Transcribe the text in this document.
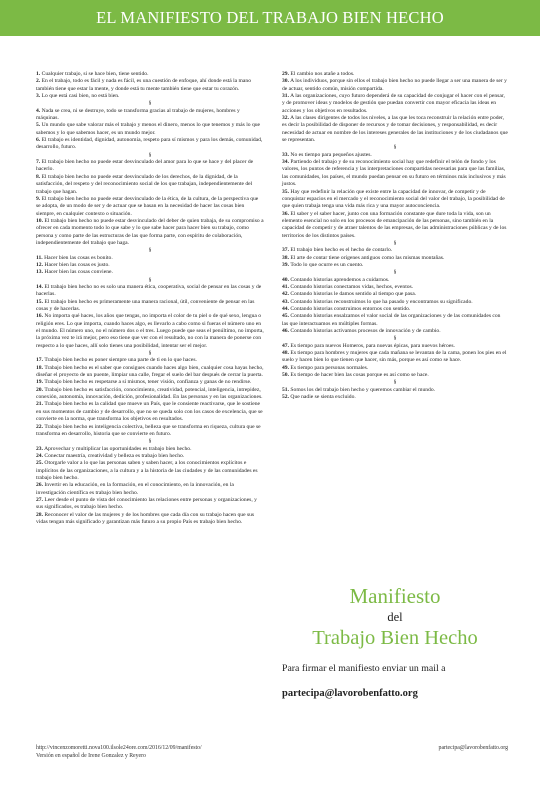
EL MANIFIESTO DEL TRABAJO BIEN HECHO

1. Cualquier trabajo, si se hace bien, tiene sentido.

2. En el trabajo, todo es fácil y nada es fácil, es una cuestión de enfoque, ahí donde está la mano también tiene que estar la mente, y donde está tu mente también tiene que estar tu corazón.

3. Lo que está casi bien, no está bien.

§

4. Nada se crea, ni se destruye, todo se transforma gracias al trabajo de mujeres, hombres y máquinas.

5. Un mundo que sabe valorar más el trabajo y menos el dinero, menos lo que tenemos y más lo que sabemos y lo que sabemos hacer, es un mundo mejor.

6. El trabajo es identidad, dignidad, autonomía, respeto para sí mismos y para los demás, comunidad, desarrollo, futuro.

§

7. El trabajo bien hecho no puede estar desvinculado del amor para lo que se hace y del placer de hacerlo.

8. El trabajo bien hecho no puede estar desvinculado de los derechos, de la dignidad, de la satisfacción, del respeto y del reconocimiento social de los que trabajan, independientemente del trabajo que hagan.

9. El trabajo bien hecho no puede estar desvinculado de la ética, de la cultura, de la perspectiva que se adopta, de un modo de ser y de actuar que se basan en la necesidad de hacer las cosas bien siempre, en cualquier contexto o situación.

10. El trabajo bien hecho no puede estar desvinculado del deber de quien trabaja, de su compromiso a ofrecer en cada momento todo lo que sabe y lo que sabe hacer para hacer bien su trabajo, como persona y como parte de las estructuras de las que forma parte, con espíritu de colaboración, independientemente del trabajo que haga.

§

11. Hacer bien las cosas es bonito.

12. Hacer bien las cosas es justo.

13. Hacer bien las cosas conviene.

§

14. El trabajo bien hecho no es solo una manera ética, cooperativa, social de pensar en las cosas y de hacerlas.

15. El trabajo bien hecho es primeramente una manera racional, útil, conveniente de pensar en las cosas y de hacerlas.

16. No importa qué haces, los años que tengas, no importa el color de tu piel o de qué sexo, lengua o religión eres. Lo que importa, cuando haces algo, es llevarlo a cabo como si fueras el número uno en el mundo. El número uno, no el número dos o el tres. Luego puede que seas el penúltimo, no importa, la próxima vez te irá mejor, pero eso tiene que ver con el resultado, no con la manera de ponerse con respecto a lo que haces, allí solo tienes una posibilidad, intentar ser el mejor.

§

17. Trabajo bien hecho es poner siempre una parte de ti en lo que haces.

18. Trabajo bien hecho es el saber que consigues cuando haces algo bien, cualquier cosa hayas hecho, diseñar el proyecto de un puente, limpiar una calle, fregar el suelo del bar después de cerrar la puerta.

19. Trabajo bien hecho es respetarse a sí mismos, tener visión, confianza y ganas de no rendirse.

20. Trabajo bien hecho es satisfacción, conocimiento, creatividad, potencial, inteligencia, intrepidez, conexión, autonomía, innovación, dedición, profesionalidad. En las personas y en las organizaciones.

21. Trabajo bien hecho es la calidad que mueve un País, que le consiente reactivarse, que le sostiene en sus momentos de cambio y de desarrollo, que no se queda solo con los casos de excelencia, que se convierte en la norma, que transforma los objetivos en resultados.

22. Trabajo bien hecho es inteligencia colectiva, belleza que se transforma en riqueza, cultura que se transforma en desarrollo, historia que se convierte en futuro.

§

23. Aprovechar y multiplicar las oportunidades es trabajo bien hecho.

24. Conectar maestría, creatividad y belleza es trabajo bien hecho.

25. Otorgarle valor a lo que las personas saben y saben hacer, a los conocimientos explícitos e implícitos de las organizaciones, a la cultura y a la historia de las ciudades y de las comunidades es trabajo bien hecho.

26. Invertir en la educación, en la formación, en el conocimiento, en la innovación, en la investigación científica es trabajo bien hecho.

27. Leer desde el punto de vista del conocimiento las relaciones entre personas y organizaciones, y sus significados, es trabajo bien hecho.

28. Reconocer el valor de las mujeres y de los hombres que cada día con su trabajo hacen que sus vidas tengan más significado y garantizan más futuro a su propio País es trabajo bien hecho.

29. El cambio nos atañe a todos.

30. A los individuos, porque sin ellos el trabajo bien hecho no puede llegar a ser una manera de ser y de actuar, sentido común, misión compartida.

31. A las organizaciones, cuyo futuro dependerá de su capacidad de conjugar el hacer con el pensar, y de promover ideas y modelos de gestión que puedan convertir con mayor eficacia las ideas en acciones y los objetivos en resultados.

32. A las clases dirigentes de todos los niveles, a las que les toca reconstruir la relación entre poder, es decir la posibilidad de disponer de recursos y de tomar decisiones, y responsabilidad, es decir necesidad de actuar en nombre de los intereses generales de las instituciones y de los ciudadanos que se representan.

§

33. No es tiempo para pequeños ajustes.

34. Partiendo del trabajo y de su reconocimiento social hay que redefinir el telón de fondo y los valores, los puntos de referencia y las interpretaciones compartidas necesarias para que las familias, las comunidades, los países, el mundo puedan pensar en su futuro en términos más inclusivos y más justos.

35. Hay que redefinir la relación que existe entre la capacidad de innovar, de competir y de conquistar espacios en el mercado y el reconocimiento social del valor del trabajo, la posibilidad de que quien trabaja tenga una vida más rica y una mayor autoconciencia.

36. El saber y el saber hacer, junto con una formación constante que dure toda la vida, son un elemento esencial no solo en los procesos de emancipación de las personas, sino también en la capacidad de competir y de atraer talentos de las empresas, de las administraciones públicas y de los territorios de los distintos países.

§

37. El trabajo bien hecho es el hecho de contarlo.

38. El arte de contar tiene orígenes antiguos como las mismas montañas.

39. Todo lo que ocurre es un cuento.

§

40. Contando historias aprendemos a cuidarnos.

41. Contando historias conectamos vidas, hechos, eventos.

42. Contando historias le damos sentido al tiempo que pasa.

43. Contando historias reconstruimos lo que ha pasado y encontramos su significado.

44. Contando historias construimos entornos con sentido.

45. Contando historias ensalzamos el valor social de las organizaciones y de las comunidades con las que interactuamos en múltiples formas.

46. Contando historias activamos procesos de innovación y de cambio.

§

47. Es tiempo para nuevos Homeros, para nuevas épicas, para nuevos héroes.

48. Es tiempo para hombres y mujeres que cada mañana se levantan de la cama, ponen los pies en el suelo y hacen bien lo que tienen que hacer, sin más, porque es así como se hace.

49. Es tiempo para personas normales.

50. Es tiempo de hacer bien las cosas porque es así como se hace.

§

51. Somos los del trabajo bien hecho y queremos cambiar el mundo.

52. Que nadie se sienta excluido.

Manifiesto
del
Trabajo Bien Hecho
Para firmar el manifiesto enviar un mail a
partecipa@lavorobenfatto.org
http://vincenzomoretti.nova100.ilsole24ore.com/2016/12/09/manifesto/
Versión en español de Irene Gonzalez y Reyero
partecipa@lavorobenfatto.org
